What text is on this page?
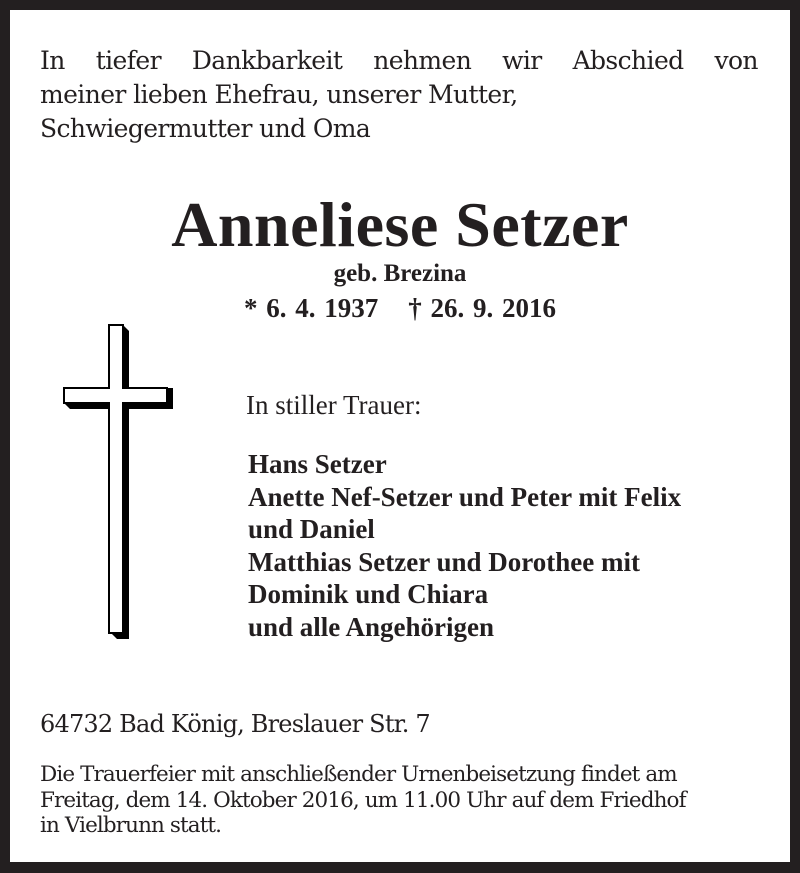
In tiefer Dankbarkeit nehmen wir Abschied von
meiner lieben Ehefrau, unserer Mutter,
Schwiegermutter und Oma
Anneliese Setzer
geb. Brezina
* 6. 4. 1937 † 26. 9. 2016
In stiller Trauer:
Hans Setzer
Anette Nef-Setzer und Peter mit Felix
und Daniel
Matthias Setzer und Dorothee mit
Dominik und Chiara
und alle Angehörigen
64732 Bad König, Breslauer Str. 7
Die Trauerfeier mit anschließender Urnenbeisetzung findet am
Freitag, dem 14. Oktober 2016, um 11.00 Uhr auf dem Friedhof
in Vielbrunn statt.
